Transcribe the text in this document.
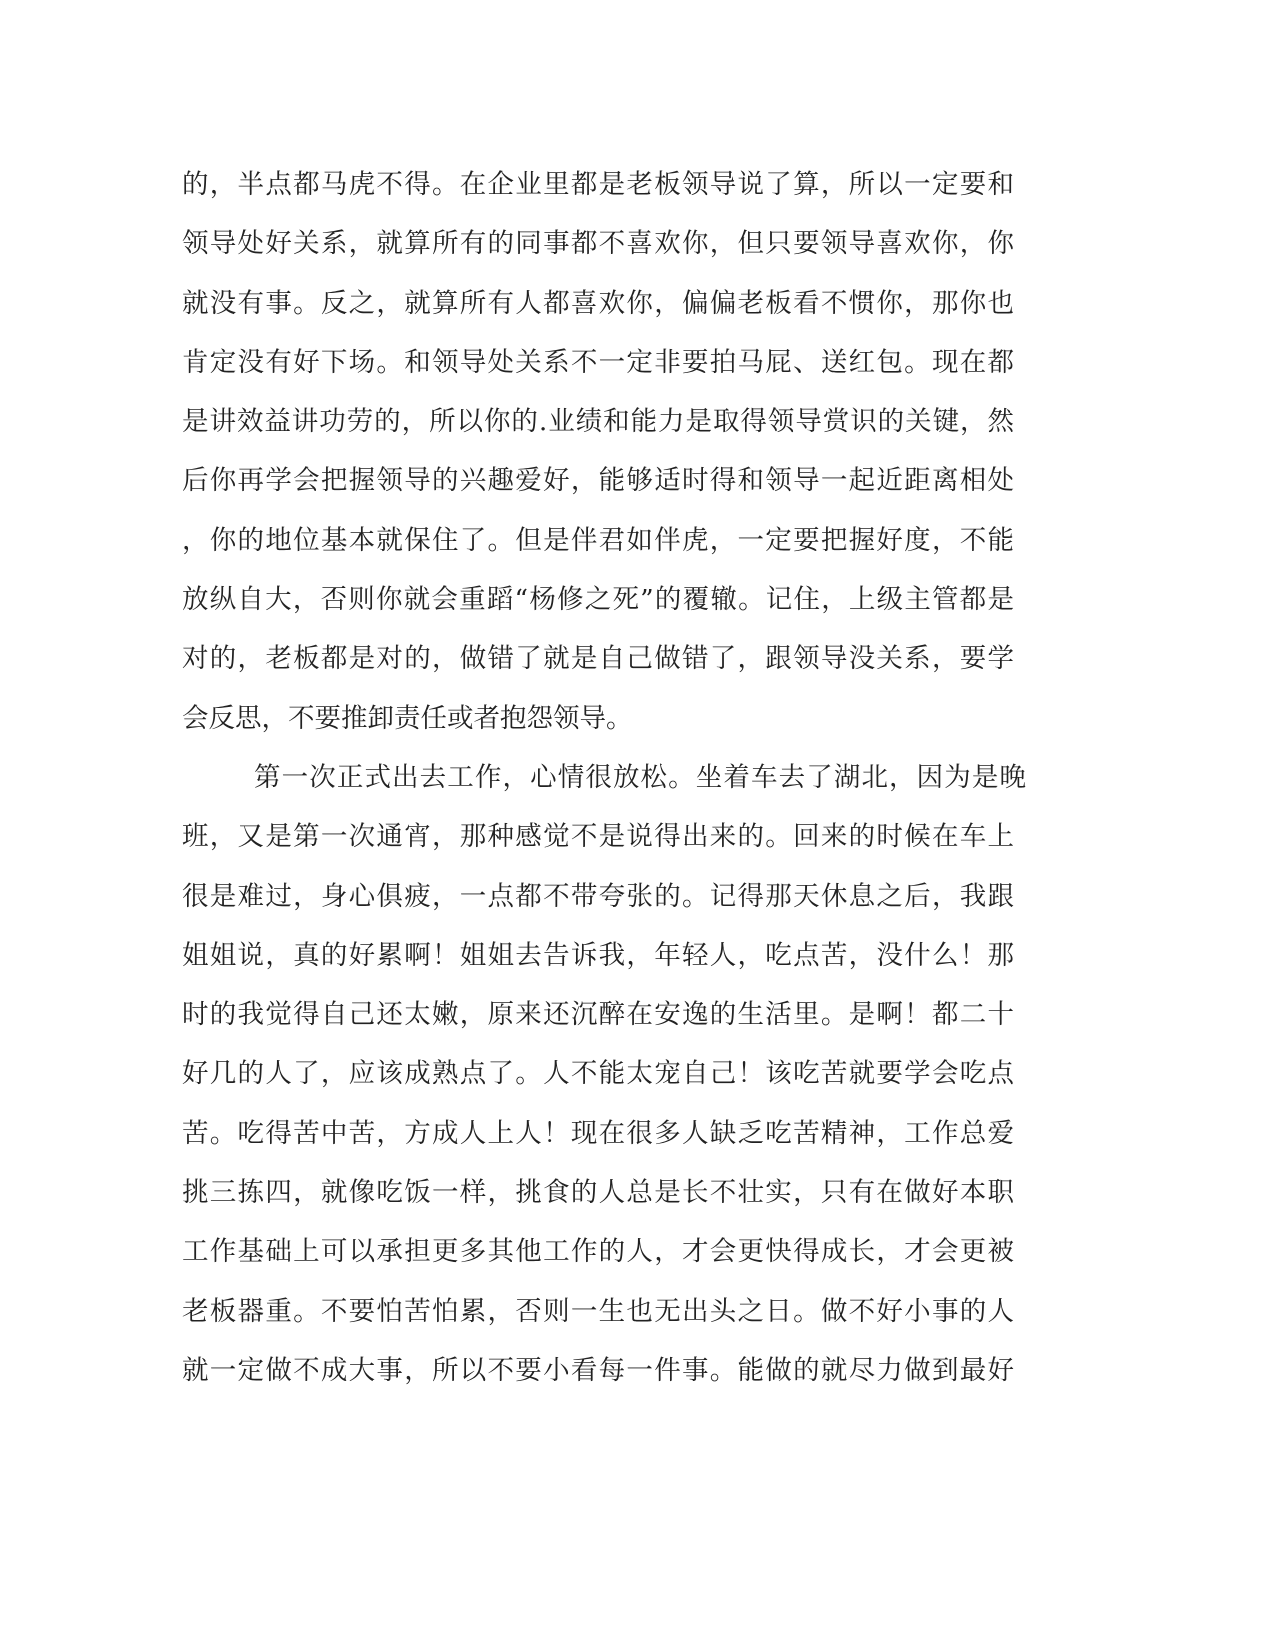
的，半点都马虎不得。在企业里都是老板领导说了算，所以一定要和
领导处好关系，就算所有的同事都不喜欢你，但只要领导喜欢你，你
就没有事。反之，就算所有人都喜欢你，偏偏老板看不惯你，那你也
肯定没有好下场。和领导处关系不一定非要拍马屁、送红包。现在都
是讲效益讲功劳的，所以你的.业绩和能力是取得领导赏识的关键，然
后你再学会把握领导的兴趣爱好，能够适时得和领导一起近距离相处
，你的地位基本就保住了。但是伴君如伴虎，一定要把握好度，不能
放纵自大，否则你就会重蹈“杨修之死”的覆辙。记住，上级主管都是
对的，老板都是对的，做错了就是自己做错了，跟领导没关系，要学
会反思，不要推卸责任或者抱怨领导。
第一次正式出去工作，心情很放松。坐着车去了湖北，因为是晚
班，又是第一次通宵，那种感觉不是说得出来的。回来的时候在车上
很是难过，身心俱疲，一点都不带夸张的。记得那天休息之后，我跟
姐姐说，真的好累啊！姐姐去告诉我，年轻人，吃点苦，没什么！那
时的我觉得自己还太嫩，原来还沉醉在安逸的生活里。是啊！都二十
好几的人了，应该成熟点了。人不能太宠自己！该吃苦就要学会吃点
苦。吃得苦中苦，方成人上人！现在很多人缺乏吃苦精神，工作总爱
挑三拣四，就像吃饭一样，挑食的人总是长不壮实，只有在做好本职
工作基础上可以承担更多其他工作的人，才会更快得成长，才会更被
老板器重。不要怕苦怕累，否则一生也无出头之日。做不好小事的人
就一定做不成大事，所以不要小看每一件事。能做的就尽力做到最好
